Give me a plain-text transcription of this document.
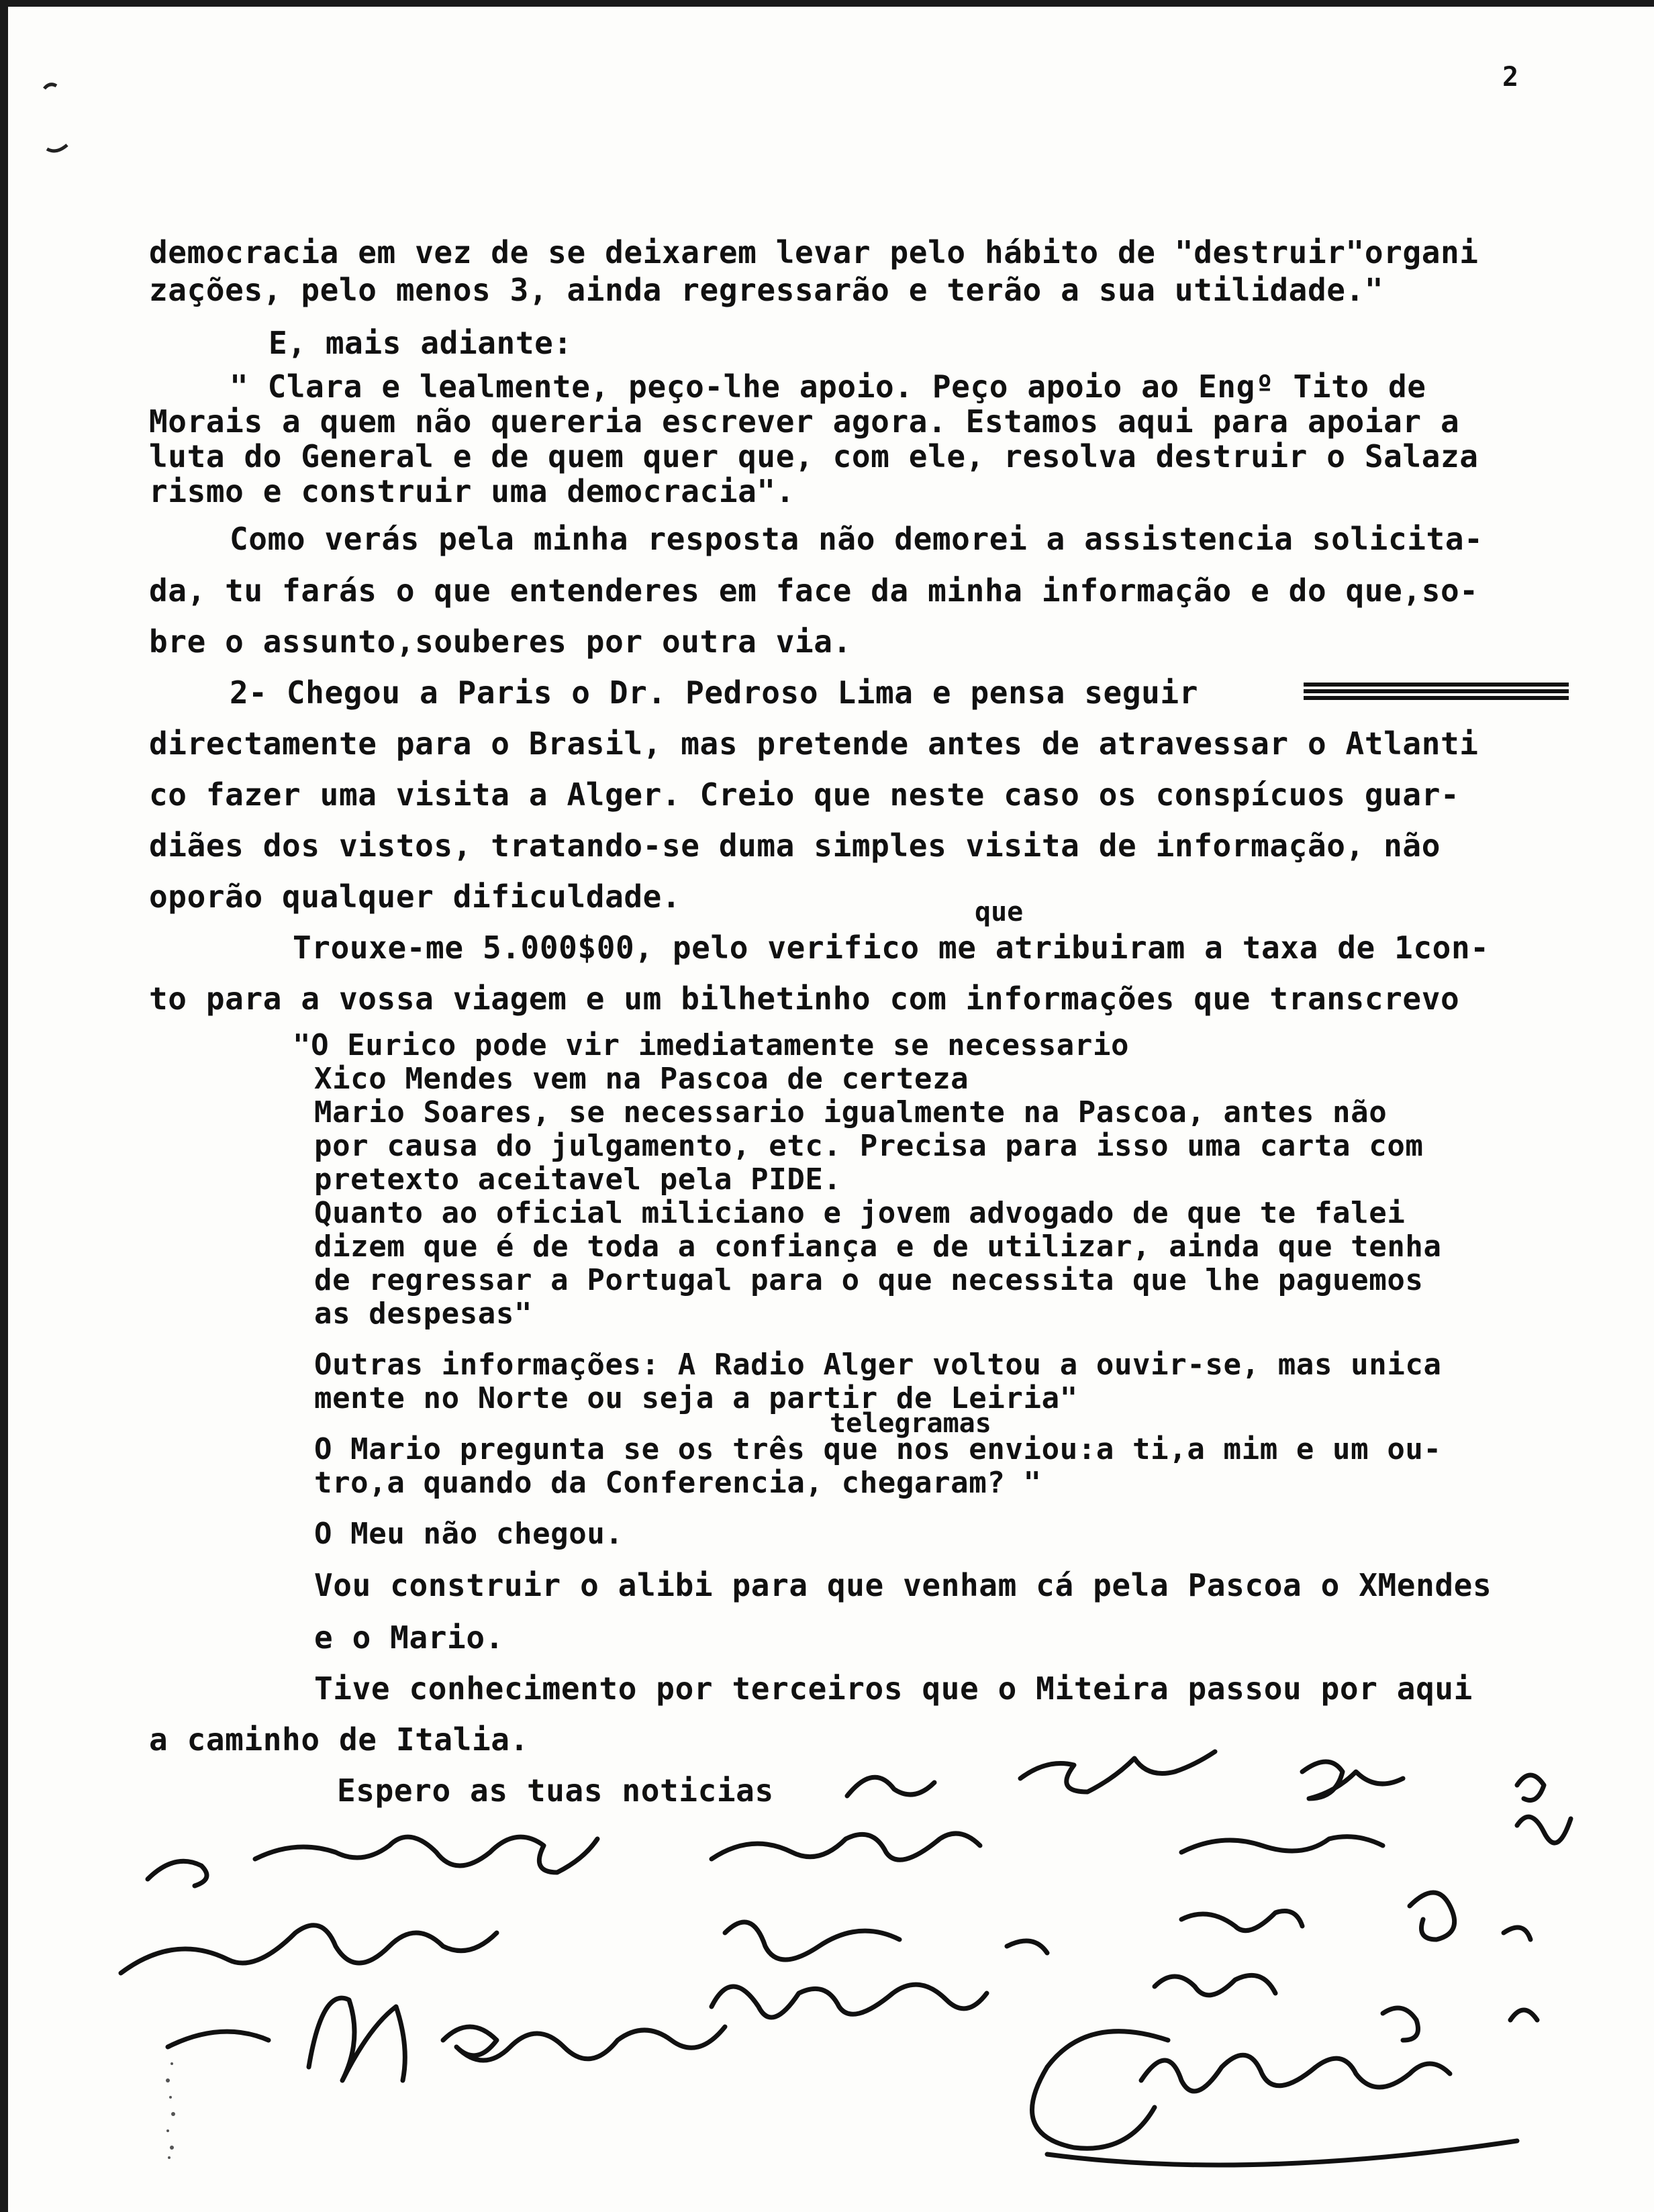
2
democracia em vez de se deixarem levar pelo hábito de "destruir"organi
zações, pelo menos 3, ainda regressarão e terão a sua utilidade."
E, mais adiante:
" Clara e lealmente, peço-lhe apoio. Peço apoio ao Engº Tito de
Morais a quem não quereria escrever agora. Estamos aqui para apoiar a
luta do General e de quem quer que, com ele, resolva destruir o Salaza
rismo e construir uma democracia".
Como verás pela minha resposta não demorei a assistencia solicita-
da, tu farás o que entenderes em face da minha informação e do que,so-
bre o assunto,souberes por outra via.
2- Chegou a Paris o Dr. Pedroso Lima e pensa seguir
directamente para o Brasil, mas pretende antes de atravessar o Atlanti
co fazer uma visita a Alger. Creio que neste caso os conspícuos guar-
diães dos vistos, tratando-se duma simples visita de informação, não
oporão qualquer dificuldade.	que
Trouxe-me 5.000$00, pelo verifico me atribuiram a taxa de 1con-
to para a vossa viagem e um bilhetinho com informações que transcrevo
"O Eurico pode vir imediatamente se necessario
Xico Mendes vem na Pascoa de certeza
Mario Soares, se necessario igualmente na Pascoa, antes não
por causa do julgamento, etc. Precisa para isso uma carta com
pretexto aceitavel pela PIDE.
Quanto ao oficial miliciano e jovem advogado de que te falei
dizem que é de toda a confiança e de utilizar, ainda que tenha
de regressar a Portugal para o que necessita que lhe paguemos
as despesas"
Outras informações: A Radio Alger voltou a ouvir-se, mas unica
mente no Norte ou seja a partir de Leiria"
telegramas
O Mario pregunta se os três que nos enviou:a ti,a mim e um ou-
tro,a quando da Conferencia, chegaram? "
O Meu não chegou.
Vou construir o alibi para que venham cá pela Pascoa o XMendes
e o Mario.
Tive conhecimento por terceiros que o Miteira passou por aqui
a caminho de Italia.
Espero as tuas noticias
